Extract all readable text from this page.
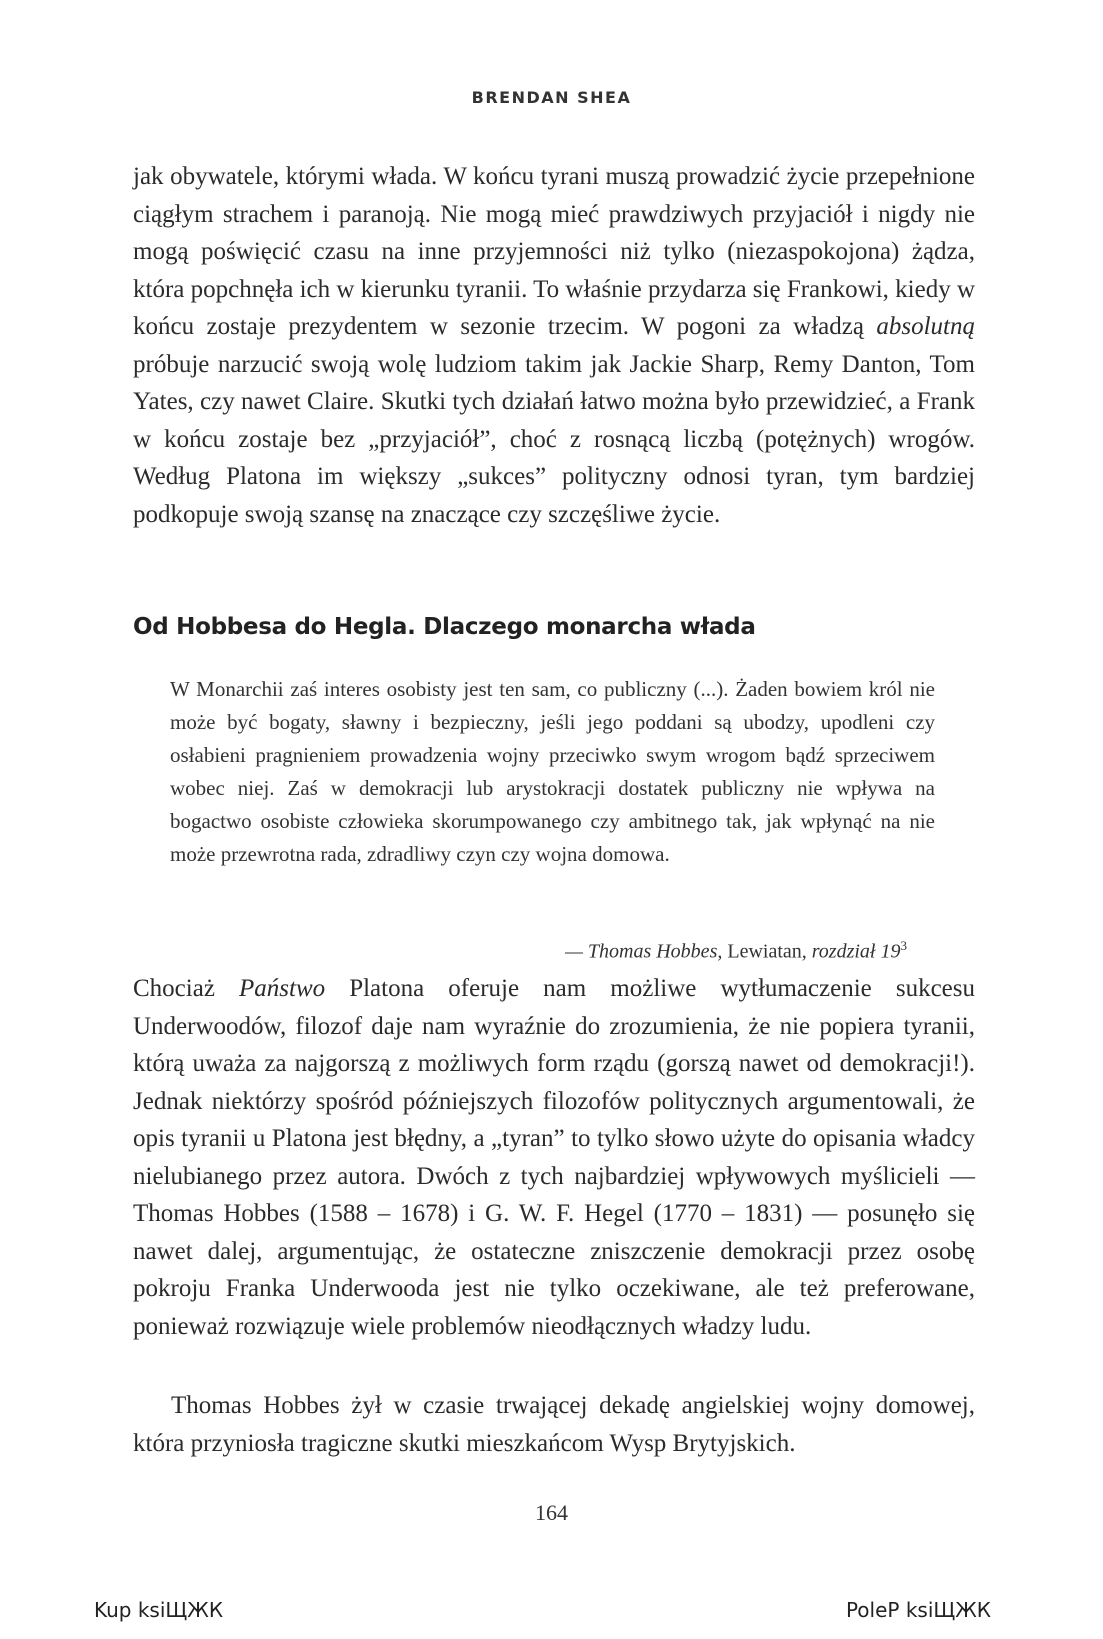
BRENDAN SHEA

jak obywatele, którymi włada. W końcu tyrani muszą prowadzić życie przepełnione ciągłym strachem i paranoją. Nie mogą mieć prawdziwych przyjaciół i nigdy nie mogą poświęcić czasu na inne przyjemności niż tylko (niezaspokojona) żądza, która popchnęła ich w kierunku tyranii. To właśnie przydarza się Frankowi, kiedy w końcu zostaje prezydentem w sezonie trzecim. W pogoni za władzą absolutną próbuje narzucić swoją wolę ludziom takim jak Jackie Sharp, Remy Danton, Tom Yates, czy nawet Claire. Skutki tych działań łatwo można było przewidzieć, a Frank w końcu zostaje bez „przyjaciół”, choć z rosnącą liczbą (potężnych) wrogów. Według Platona im większy „sukces” polityczny odnosi tyran, tym bardziej podkopuje swoją szansę na znaczące czy szczęśliwe życie.

Od Hobbesa do Hegla. Dlaczego monarcha włada

W Monarchii zaś interes osobisty jest ten sam, co publiczny (...). Żaden bowiem król nie może być bogaty, sławny i bezpieczny, jeśli jego poddani są ubodzy, upodleni czy osłabieni pragnieniem prowadzenia wojny przeciwko swym wrogom bądź sprzeciwem wobec niej. Zaś w demokracji lub arystokracji dostatek publiczny nie wpływa na bogactwo osobiste człowieka skorumpowanego czy ambitnego tak, jak wpłynąć na nie może przewrotna rada, zdradliwy czyn czy wojna domowa.

— Thomas Hobbes, Lewiatan, rozdział $19^3$

Chociaż Państwo Platona oferuje nam możliwe wytłumaczenie sukcesu Underwoodów, filozof daje nam wyraźnie do zrozumienia, że nie popiera tyranii, którą uważa za najgorszą z możliwych form rządu (gorszą nawet od demokracji!). Jednak niektórzy spośród późniejszych filozofów politycznych argumentowali, że opis tyranii u Platona jest błędny, a „tyran” to tylko słowo użyte do opisania władcy nielubianego przez autora. Dwóch z tych najbardziej wpływowych myślicieli — Thomas Hobbes (1588 – 1678) i G. W. F. Hegel (1770 – 1831) — posunęło się nawet dalej, argumentując, że ostateczne zniszczenie demokracji przez osobę pokroju Franka Underwooda jest nie tylko oczekiwane, ale też preferowane, ponieważ rozwiązuje wiele problemów nieodłącznych władzy ludu.

Thomas Hobbes żył w czasie trwającej dekadę angielskiej wojny domowej, która przyniosła tragiczne skutki mieszkańcom Wysp Brytyjskich.

164
Kup ksiЩЖК	PoleP ksiЩЖК
